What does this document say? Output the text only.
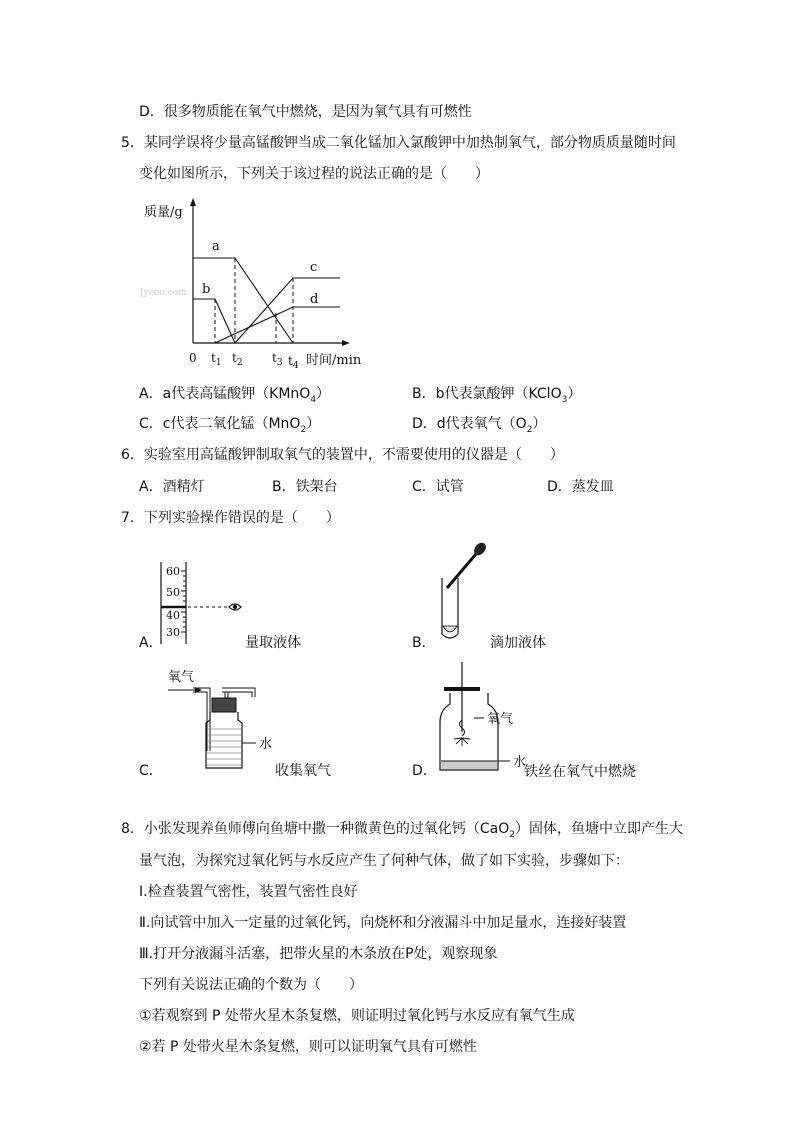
D．很多物质能在氧气中燃烧，是因为氧气具有可燃性
5．某同学误将少量高锰酸钾当成二氧化锰加入氯酸钾中加热制氧气，部分物质质量随时间
变化如图所示，下列关于该过程的说法正确的是（　　）
Jyeoo.com
质量/g
a
b
c
d
0 $t_1$ $t_2$ $t_3$ $t_4$ 时间/min
A．a代表高锰酸钾（KMnO$_4$）	B．b代表氯酸钾（KClO$_3$）
C．c代表二氧化锰（MnO$_2$）	D．d代表氧气$(O_2)$
6．实验室用高锰酸钾制取氧气的装置中，不需要使用的仪器是（　　）
A．酒精灯	B．铁架台	C．试管	D．蒸发皿
7．下列实验操作错误的是（　　）
60
50
40
30
A．	量取液体	B．	滴加液体
氧气
水
C．	收集氧气
氧气
水
D．	铁丝在氧气中燃烧
8．小张发现养鱼师傅向鱼塘中撒一种微黄色的过氧化钙（CaO$_2$）固体，鱼塘中立即产生大
量气泡，为探究过氧化钙与水反应产生了何种气体，做了如下实验，步骤如下：
Ⅰ.检查装置气密性，装置气密性良好
Ⅱ.向试管中加入一定量的过氧化钙，向烧杯和分液漏斗中加足量水，连接好装置
Ⅲ.打开分液漏斗活塞，把带火星的木条放在P处，观察现象
下列有关说法正确的个数为（　　）
①若观察到 P 处带火星木条复燃，则证明过氧化钙与水反应有氧气生成
②若 P 处带火星木条复燃，则可以证明氧气具有可燃性
